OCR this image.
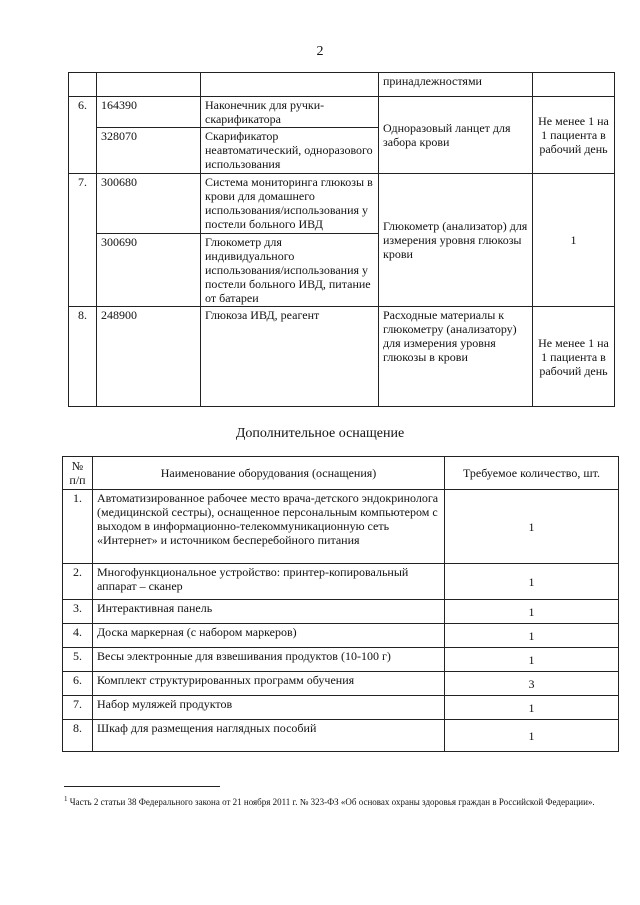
2
			принадлежностями	
6.	164390	Наконечник для ручки-скарификатора	Одноразовый ланцет для забора крови	Не менее 1 на 1 пациента в рабочий день
	328070	Скарификатор неавтоматический, одноразового использования		
7.	300680	Система мониторинга глюкозы в крови для домашнего использования/использования у постели больного ИВД	Глюкометр (анализатор) для измерения уровня глюкозы крови	1
	300690	Глюкометр для индивидуального использования/использования у постели больного ИВД, питание от батареи		
8.	248900	Глюкоза ИВД, реагент	Расходные материалы к глюкометру (анализатору) для измерения уровня глюкозы в крови	Не менее 1 на 1 пациента в рабочий день
Дополнительное оснащение
№ п/п	Наименование оборудования (оснащения)	Требуемое количество, шт.
1.	Автоматизированное рабочее место врача-детского эндокринолога (медицинской сестры), оснащенное персональным компьютером с выходом в информационно-телекоммуникационную сеть «Интернет» и источником бесперебойного питания	1
2.	Многофункциональное устройство: принтер-копировальный аппарат – сканер	1
3.	Интерактивная панель	1
4.	Доска маркерная (с набором маркеров)	1
5.	Весы электронные для взвешивания продуктов (10-100 г)	1
6.	Комплект структурированных программ обучения	3
7.	Набор муляжей продуктов	1
8.	Шкаф для размещения наглядных пособий	1
$^1$ Часть 2 статьи 38 Федерального закона от 21 ноября 2011 г. № 323-ФЗ «Об основах охраны здоровья граждан в Российской Федерации».
